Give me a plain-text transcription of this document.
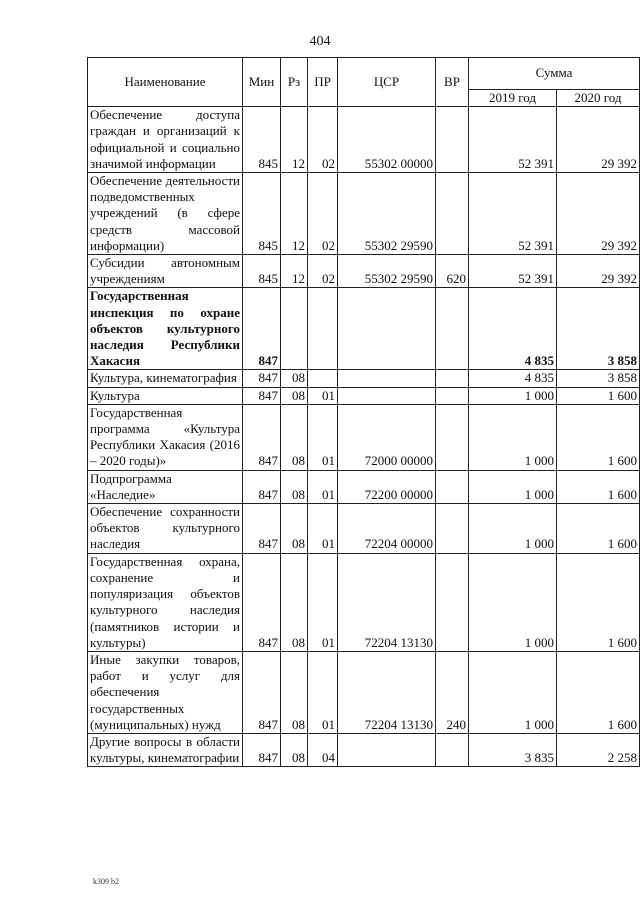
404
Наименование	Мин	Рз	ПР	ЦСР	ВР	Сумма	
						2019 год	2020 год
Обеспечение доступа граждан и организаций к официальной и социально значимой информации	845	12	02	55302 00000		52 391	29 392
Обеспечение деятельности подведомственных учреждений (в сфере средств массовой информации)	845	12	02	55302 29590		52 391	29 392
Субсидии автономным учреждениям	845	12	02	55302 29590	620	52 391	29 392
Государственная инспекция по охране объектов культурного наследия Республики Хакасия	847					4 835	3 858
Культура, кинематография	847	08				4 835	3 858
Культура	847	08	01			1 000	1 600
Государственная программа «Культура Республики Хакасия (2016 – 2020 годы)»	847	08	01	72000 00000		1 000	1 600
Подпрограмма «Наследие»	847	08	01	72200 00000		1 000	1 600
Обеспечение сохранности объектов культурного наследия	847	08	01	72204 00000		1 000	1 600
Государственная охрана, сохранение и популяризация объектов культурного наследия (памятников истории и культуры)	847	08	01	72204 13130		1 000	1 600
Иные закупки товаров, работ и услуг для обеспечения государственных (муниципальных) нужд	847	08	01	72204 13130	240	1 000	1 600
Другие вопросы в области культуры, кинематографии	847	08	04			3 835	2 258
k309 b2
